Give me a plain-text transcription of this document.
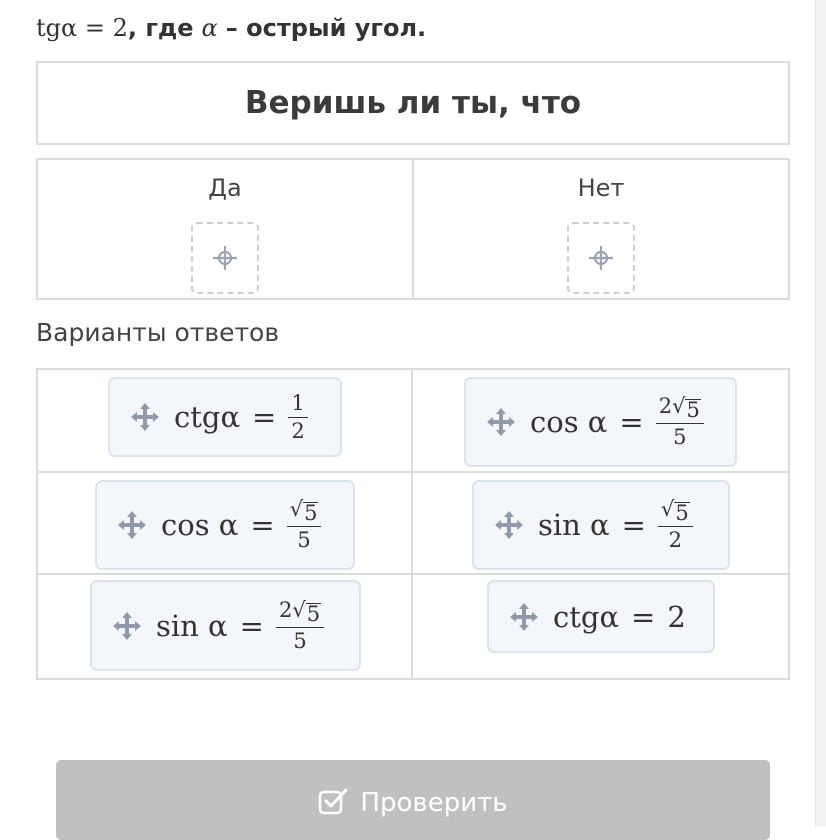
tgα = 2 , где α – острый угол.
Веришь ли ты, что
Да	Нет
Варианты ответов
$ctg\alpha = \frac{1}{2}$	$\cos \alpha = \frac{2 √ 5}{5}$
$\cos \alpha = \frac{√ 5}{5}$	$\sin \alpha = \frac{√ 5}{2}$
$\sin \alpha = \frac{2 √ 5}{5}$	ctgα = 2
Проверить
